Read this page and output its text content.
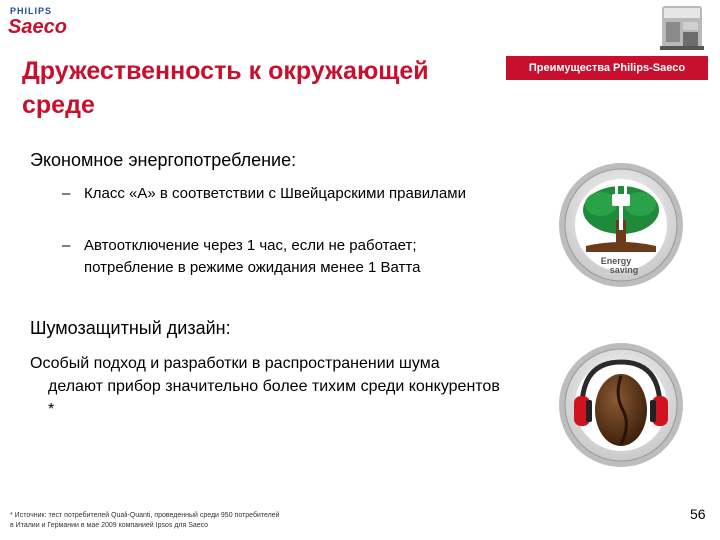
PHILIPS
Saeco
Дружественность к окружающей
среде
Преимущества Philips-Saeco
Экономное энергопотребление:
– Класс «А» в соответствии с Швейцарскими правилами
– Автоотключение через 1 час, если не работает; потребление в режиме ожидания менее 1 Ватта
Шумозащитный дизайн:
Особый подход и разработки в распространении шума
делают прибор значительно более тихим среди конкурентов *
Energy
saving
* Источник: тест потребителей Quali-Quanti, проведенный среди 950 потребителей
в Италии и Германии в мае 2009 компанией Ipsos для Saeco
56
